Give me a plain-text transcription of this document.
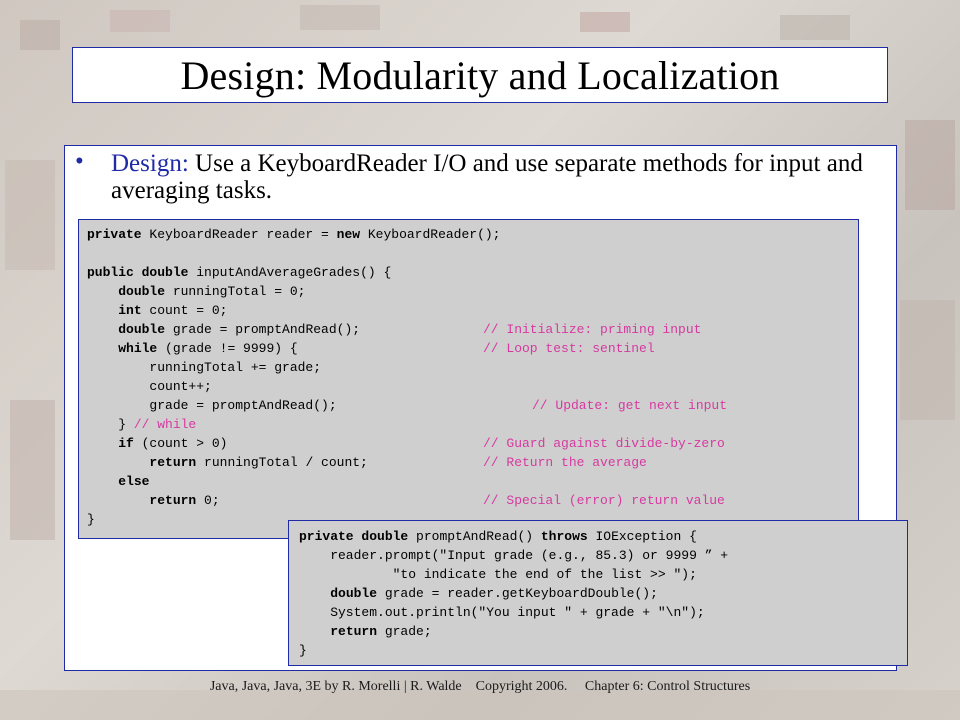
Design: Modularity and Localization
• Design: Use a KeyboardReader I/O and use separate methods for input and averaging tasks.
private KeyboardReader reader = new KeyboardReader();
public double inputAndAverageGrades() {
double runningTotal = 0;
int count = 0;
double grade = promptAndRead();	// Initialize: priming input
while (grade != 9999) {	// Loop test: sentinel
runningTotal += grade;
count++;
grade = promptAndRead();	// Update: get next input
} // while
if (count > 0)	// Guard against divide-by-zero
return runningTotal / count;	// Return the average
else
return 0;	// Special (error) return value
}
private double promptAndRead() throws IOException {
reader.prompt("Input grade (e.g., 85.3) or 9999 ” +
"to indicate the end of the list >> ");
double grade = reader.getKeyboardDouble();
System.out.println("You input " + grade + "\n");
return grade;
}
Java, Java, Java, 3E by R. Morelli | R. Walde    Copyright 2006.     Chapter 6: Control Structures
